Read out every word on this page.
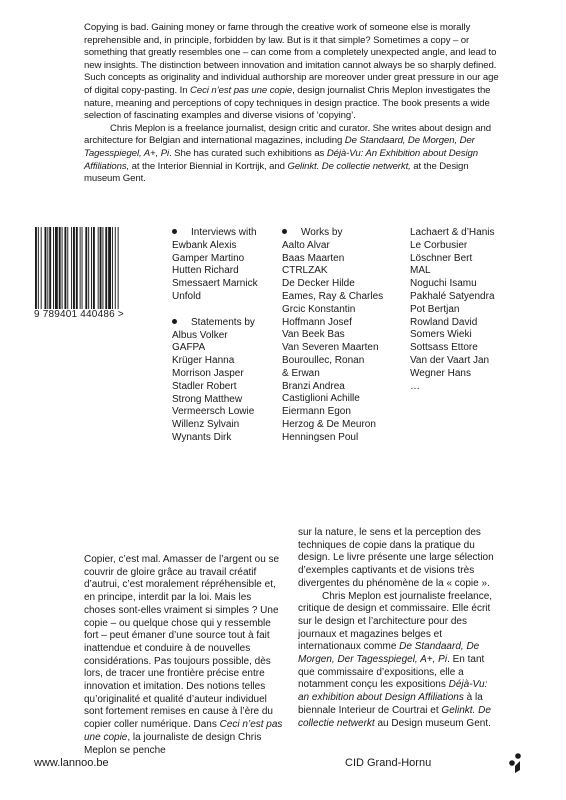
Copying is bad. Gaining money or fame through the creative work of someone else is morally reprehensible and, in principle, forbidden by law. But is it that simple? Sometimes a copy – or something that greatly resembles one – can come from a completely unexpected angle, and lead to new insights. The distinction between innovation and imitation cannot always be so sharply defined. Such concepts as originality and individual authorship are moreover under great pressure in our age of digital copy-pasting. In Ceci n’est pas une copie, design journalist Chris Meplon investigates the nature, meaning and perceptions of copy techniques in design practice. The book presents a wide selection of fascinating examples and diverse visions of ‘copying’.

Chris Meplon is a freelance journalist, design critic and curator. She writes about design and architecture for Belgian and international magazines, including De Standaard, De Morgen, Der Tagesspiegel, A+, Pi. She has curated such exhibitions as Déjà-Vu: An Exhibition about Design Affiliations, at the Interior Biennial in Kortrijk, and Gelinkt. De collectie netwerkt, at the Design museum Gent.

9 789401 440486 >
Interviews with
Ewbank Alexis
Gamper Martino
Hutten Richard
Smessaert Marnick
Unfold
Statements by
Albus Volker
GAFPA
Krüger Hanna
Morrison Jasper
Stadler Robert
Strong Matthew
Vermeersch Lowie
Willenz Sylvain
Wynants Dirk
Works by
Aalto Alvar
Baas Maarten
CTRLZAK
De Decker Hilde
Eames, Ray & Charles
Grcic Konstantin
Hoffmann Josef
Van Beek Bas
Van Severen Maarten
Bouroullec, Ronan
& Erwan
Branzi Andrea
Castiglioni Achille
Eiermann Egon
Herzog & De Meuron
Henningsen Poul
Lachaert & d’Hanis
Le Corbusier
Löschner Bert
MAL
Noguchi Isamu
Pakhalé Satyendra
Pot Bertjan
Rowland David
Somers Wieki
Sottsass Ettore
Van der Vaart Jan
Wegner Hans
…

Copier, c’est mal. Amasser de l’argent ou se couvrir de gloire grâce au travail créatif d’autrui, c’est moralement répréhensible et, en principe, interdit par la loi. Mais les choses sont-elles vraiment si simples ? Une copie – ou quelque chose qui y ressemble fort – peut émaner d’une source tout à fait inattendue et conduire à de nouvelles considérations. Pas toujours possible, dès lors, de tracer une frontière précise entre innovation et imitation. Des notions telles qu’originalité et qualité d’auteur individuel sont fortement remises en cause à l’ère du copier coller numérique. Dans Ceci n’est pas une copie, la journaliste de design Chris Meplon se penche

sur la nature, le sens et la perception des techniques de copie dans la pratique du design. Le livre présente une large sélection d’exemples captivants et de visions très divergentes du phénomène de la « copie ».

Chris Meplon est journaliste freelance, critique de design et commissaire. Elle écrit sur le design et l’architecture pour des journaux et magazines belges et internationaux comme De Standaard, De Morgen, Der Tagesspiegel, A+, Pi. En tant que commissaire d’expositions, elle a notamment conçu les expositions Déjà-Vu: an exhibition about Design Affiliations à la biennale Interieur de Courtrai et Gelinkt. De collectie netwerkt au Design museum Gent.

www.lannoo.be	CID Grand-Hornu
